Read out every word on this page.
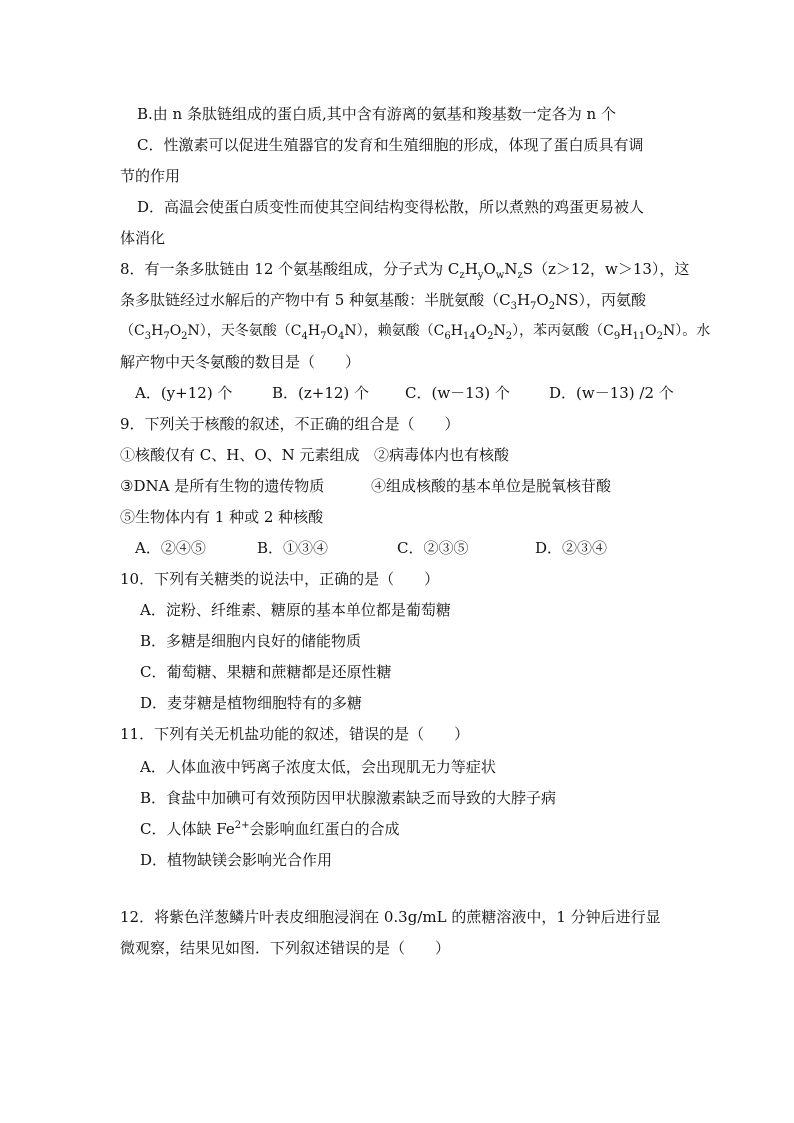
B.由 n 条肽链组成的蛋白质,其中含有游离的氨基和羧基数一定各为 n 个
C．性激素可以促进生殖器官的发育和生殖细胞的形成，体现了蛋白质具有调
节的作用
D．高温会使蛋白质变性而使其空间结构变得松散，所以煮熟的鸡蛋更易被人
体消化
8．有一条多肽链由 12 个氨基酸组成，分子式为 $C_zH_yO_wN_zS(z>12$，w＞13），这
条多肽链经过水解后的产物中有 5 种氨基酸：半胱氨酸$(C_3H_7O_2NS)$，丙氨酸
$(C_3H_7O_2N)$，天冬氨酸$(C_4H_7O_4N)$，赖氨酸$(C_6H_{14}O_2N_2)$，苯丙氨酸$(C_9H_{11}O_2N)$。水
解产物中天冬氨酸的数目是（　　）
A．(y+12) 个	B．(z+12) 个 C．(w－13) 个	D．(w－13) /2 个
9．下列关于核酸的叙述，不正确的组合是（　　）
①核酸仅有 C、H、O、N 元素组成 ②病毒体内也有核酸
③DNA 是所有生物的遗传物质	④组成核酸的基本单位是脱氧核苷酸
⑤生物体内有 1 种或 2 种核酸
A．②④⑤	B．①③④	C．②③⑤	D．②③④
10．下列有关糖类的说法中，正确的是（　　）
A．淀粉、纤维素、糖原的基本单位都是葡萄糖
B．多糖是细胞内良好的储能物质
C．葡萄糖、果糖和蔗糖都是还原性糖
D．麦芽糖是植物细胞特有的多糖
11．下列有关无机盐功能的叙述，错误的是（　　）
A．人体血液中钙离子浓度太低，会出现肌无力等症状
B．食盐中加碘可有效预防因甲状腺激素缺乏而导致的大脖子病
C．人体缺 $Fe^{2+}$会影响血红蛋白的合成
D．植物缺镁会影响光合作用
12．将紫色洋葱鳞片叶表皮细胞浸润在 0.3g/mL 的蔗糖溶液中，1 分钟后进行显
微观察，结果见如图．下列叙述错误的是（　　）
